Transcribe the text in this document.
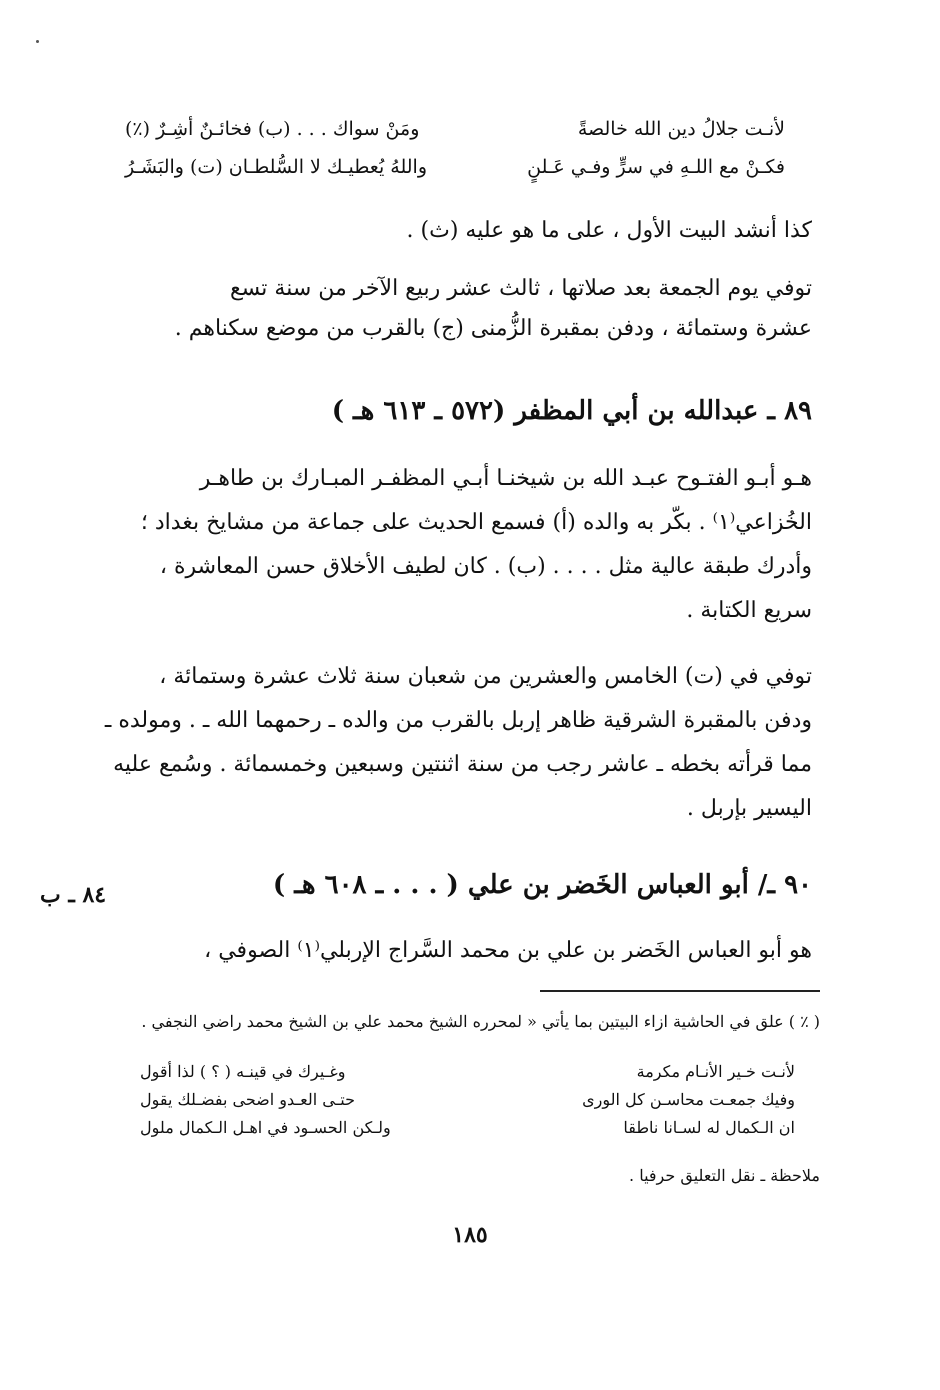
لأنـت جلالُ دين الله خالصةً
ومَنْ سواك . . . (ب) فخائـنٌ أشِـرٌ (٪)
فكـنْ مع اللـهِ في سرٍّ وفـي عَـلنٍ
واللهُ يُعطيـك لا السُّلطـان (ت) والبَشَـرُ
كذا أنشد البيت الأول ، على ما هو عليه (ث) .
توفي يوم الجمعة بعد صلاتها ، ثالث عشر ربيع الآخر من سنة تسع
عشرة وستمائة ، ودفن بمقبرة الزُّمنى (ج) بالقرب من موضع سكناهم .
٨٩ ـ عبدالله بن أبي المظفر (٥٧٢ ـ ٦١٣ هـ )
هـو أبـو الفتـوح عبـد الله بن شيخنـا أبـي المظفـر المبـارك بن طاهـر
الخُزاعي⁽١⁾ . بكّر به والده (أ) فسمع الحديث على جماعة من مشايخ بغداد ؛
وأدرك طبقة عالية مثل . . . . (ب) . كان لطيف الأخلاق حسن المعاشرة ،
سريع الكتابة .
توفي في (ت) الخامس والعشرين من شعبان سنة ثلاث عشرة وستمائة ،
ودفن بالمقبرة الشرقية ظاهر إربل بالقرب من والده ـ رحمهما الله ـ . ومولده ـ
مما قرأته بخطه ـ عاشر رجب من سنة اثنتين وسبعين وخمسمائة . وسُمع عليه
اليسير بإربل .
٩٠ ـ/ أبو العباس الخَضر بن علي ( . . . ـ ٦٠٨ هـ )
٨٤ ـ ب
هو أبو العباس الخَضر بن علي بن محمد السَّراج الإربلي⁽١⁾ الصوفي ،
( ٪ ) علق في الحاشية ازاء البيتين بما يأتي « لمحرره الشيخ محمد علي بن الشيخ محمد راضي النجفي .
لأنـت خـير الأنـام مكرمة
وغـيرك في قينـه ( ؟ ) لذا أقول
وفيك جمعـت محاسـن كل الورى
حتـى العـدو اضحى بفضـلك يقول
ان الـكمال له لسـانا ناطقا
ولـكن الحسـود في اهـل الـكمال ملول
ملاحظة ـ نقل التعليق حرفيا .
١٨٥
